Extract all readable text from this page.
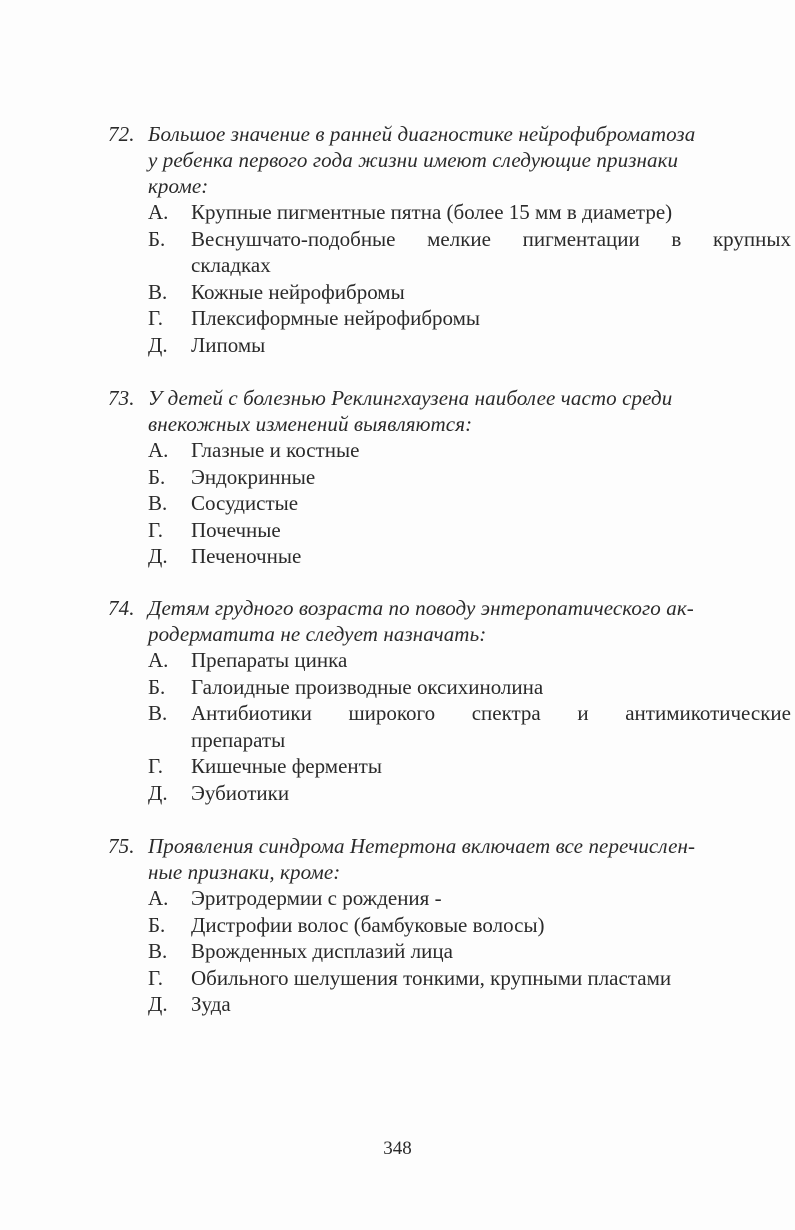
72. Большое значение в ранней диагностике нейрофиброматоза
у ребенка первого года жизни имеют следующие признаки
кроме:
А. Крупные пигментные пятна (более 15 мм в диаметре)
Б. Веснушчато-подобные мелкие пигментации в крупных
складках
В. Кожные нейрофибромы
Г. Плексиформные нейрофибромы
Д. Липомы
73. У детей с болезнью Реклингхаузена наиболее часто среди
внекожных изменений выявляются:
А. Глазные и костные
Б. Эндокринные
В. Сосудистые
Г. Почечные
Д. Печеночные
74. Детям грудного возраста по поводу энтеропатического ак-
родерматита не следует назначать:
А. Препараты цинка
Б. Галоидные производные оксихинолина
В. Антибиотики широкого спектра и антимикотические
препараты
Г. Кишечные ферменты
Д. Эубиотики
75. Проявления синдрома Нетертона включает все перечислен-
ные признаки, кроме:
А. Эритродермии с рождения -
Б. Дистрофии волос (бамбуковые волосы)
В. Врожденных дисплазий лица
Г. Обильного шелушения тонкими, крупными пластами
Д. Зуда
348
